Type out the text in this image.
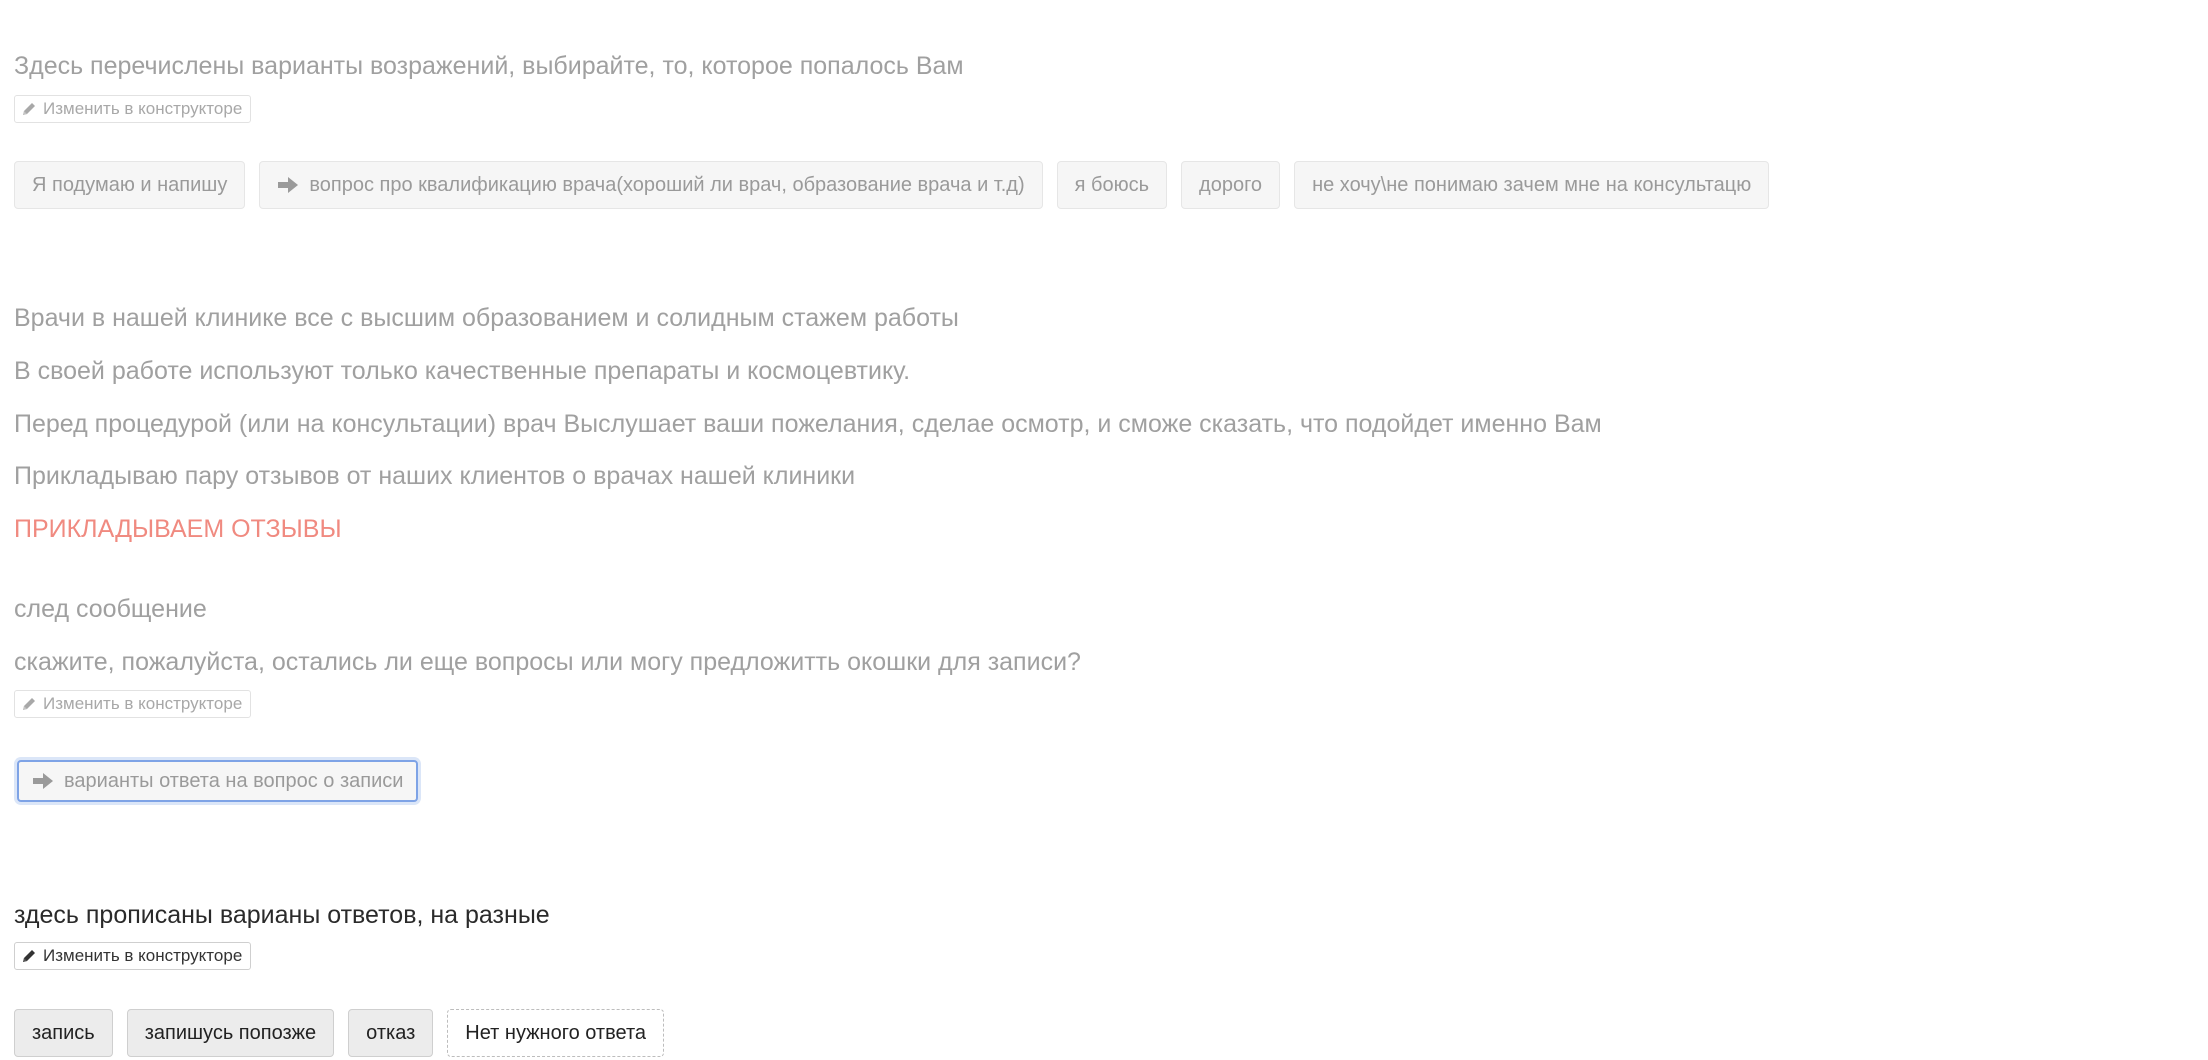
Здесь перечислены варианты возражений, выбирайте, то, которое попалось Вам

Изменить в конструкторе
Я подумаю и напишу	вопрос про квалификацию врача(хороший ли врач, образование врача и т.д)	я боюсь	дорого	не хочу\не понимаю зачем мне на консультацю

Врачи в нашей клинике все с высшим образованием и солидным стажем работы

В своей работе используют только качественные препараты и космоцевтику.

Перед процедурой (или на консультации) врач Выслушает ваши пожелания, сделае осмотр, и сможе сказать, что подойдет именно Вам

Прикладываю пару отзывов от наших клиентов о врачах нашей клиники

ПРИКЛАДЫВАЕМ ОТЗЫВЫ

след сообщение

скажите, пожалуйста, остались ли еще вопросы или могу предложитть окошки для записи?

Изменить в конструкторе
варианты ответа на вопрос о записи

здесь прописаны варианы ответов, на разные

Изменить в конструкторе
запись	запишусь попозже	отказ	Нет нужного ответа
